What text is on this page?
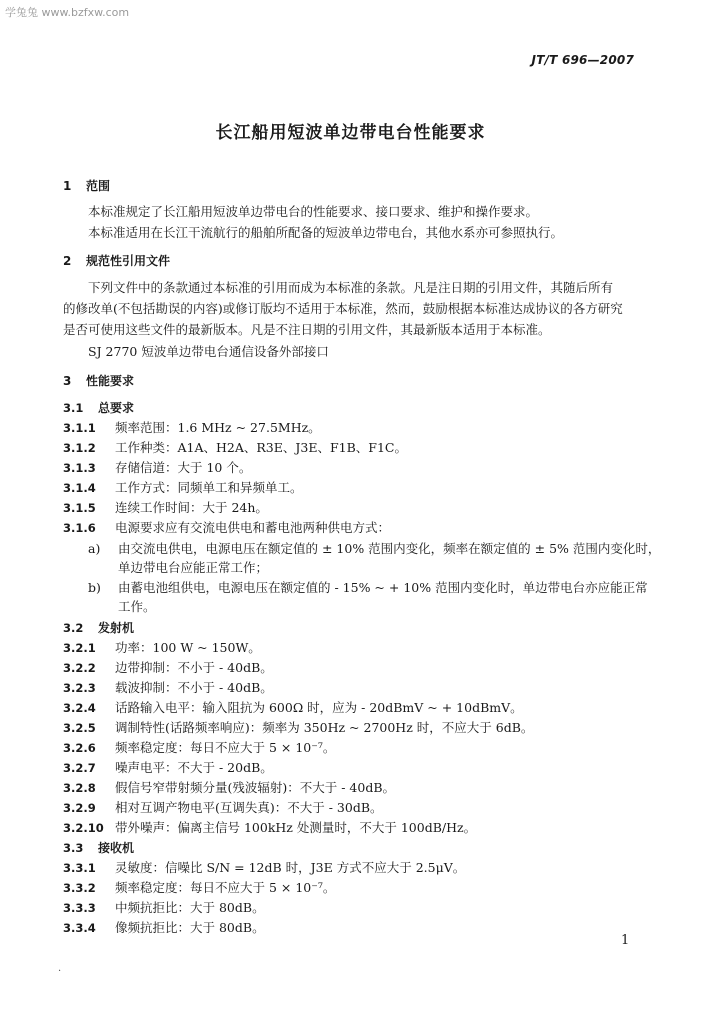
学兔兔 www.bzfxw.com
JT/T 696—2007
长江船用短波单边带电台性能要求
1 范围
本标准规定了长江船用短波单边带电台的性能要求、接口要求、维护和操作要求。
本标准适用在长江干流航行的船舶所配备的短波单边带电台，其他水系亦可参照执行。
2 规范性引用文件
下列文件中的条款通过本标准的引用而成为本标准的条款。凡是注日期的引用文件，其随后所有
的修改单(不包括勘误的内容)或修订版均不适用于本标准，然而，鼓励根据本标准达成协议的各方研究
是否可使用这些文件的最新版本。凡是不注日期的引用文件，其最新版本适用于本标准。
SJ 2770 短波单边带电台通信设备外部接口
3 性能要求
3.1 总要求
3.1.1 频率范围：1.6 MHz ~ 27.5MHz。
3.1.2 工作种类：A1A、H2A、R3E、J3E、F1B、F1C。
3.1.3 存储信道：大于 10 个。
3.1.4 工作方式：同频单工和异频单工。
3.1.5 连续工作时间：大于 24h。
3.1.6 电源要求应有交流电供电和蓄电池两种供电方式：
a) 由交流电供电，电源电压在额定值的 ± 10% 范围内变化，频率在额定值的 ± 5% 范围内变化时，
单边带电台应能正常工作；
b) 由蓄电池组供电，电源电压在额定值的 - 15% ~ + 10% 范围内变化时，单边带电台亦应能正常
工作。
3.2 发射机
3.2.1 功率：100 W ~ 150W。
3.2.2 边带抑制：不小于 - 40dB。
3.2.3 载波抑制：不小于 - 40dB。
3.2.4 话路输入电平：输入阻抗为 600Ω 时，应为 - 20dBmV ~ + 10dBmV。
3.2.5 调制特性(话路频率响应)：频率为 350Hz ~ 2700Hz 时，不应大于 6dB。
3.2.6 频率稳定度：每日不应大于 5 × 10⁻⁷。
3.2.7 噪声电平：不大于 - 20dB。
3.2.8 假信号窄带射频分量(残波辐射)：不大于 - 40dB。
3.2.9 相对互调产物电平(互调失真)：不大于 - 30dB。
3.2.10 带外噪声：偏离主信号 100kHz 处测量时，不大于 100dB/Hz。
3.3 接收机
3.3.1 灵敏度：信噪比 S/N = 12dB 时，J3E 方式不应大于 2.5μV。
3.3.2 频率稳定度：每日不应大于 5 × 10⁻⁷。
3.3.3 中频抗拒比：大于 80dB。
3.3.4 像频抗拒比：大于 80dB。
1
·
